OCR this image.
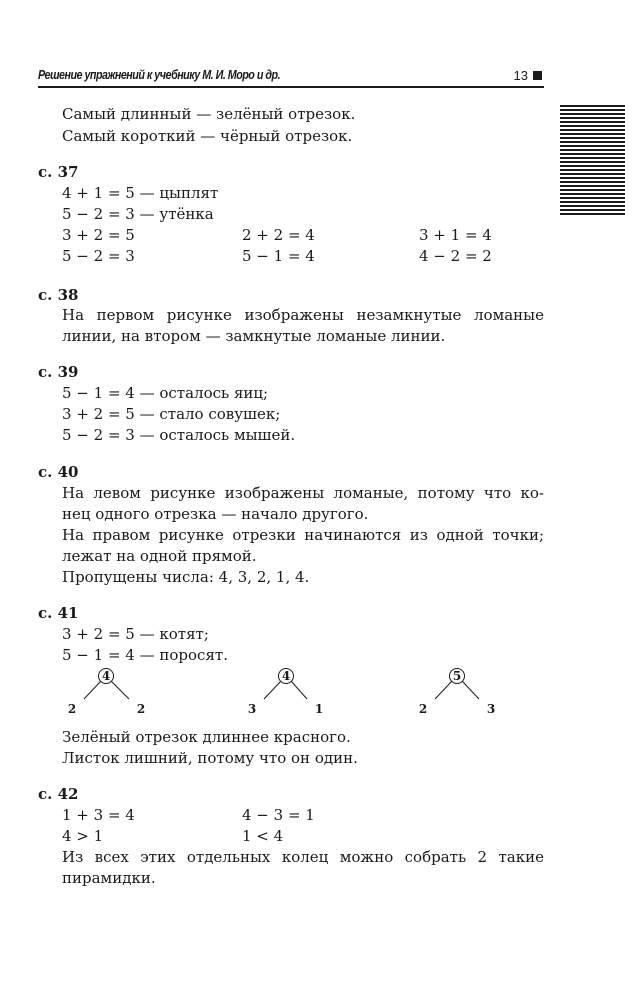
Решение упражнений к учебнику М. И. Моро и др.	13
Самый длинный — зелёный отрезок.
Самый короткий — чёрный отрезок.
с. 37
4 + 1 = 5 — цыплят
5 − 2 = 3 — утёнка
3 + 2 = 5	2 + 2 = 4	3 + 1 = 4
5 − 2 = 3	5 − 1 = 4	4 − 2 = 2
с. 38
На первом рисунке изображены незамкнутые ломаные
линии, на втором — замкнутые ломаные линии.
с. 39
5 − 1 = 4 — осталось яиц;
3 + 2 = 5 — стало совушек;
5 − 2 = 3 — осталось мышей.
с. 40
На левом рисунке изображены ломаные, потому что ко-
нец одного отрезка — начало другого.
На правом рисунке отрезки начинаются из одной точки;
лежат на одной прямой.
Пропущены числа: 4, 3, 2, 1, 4.
с. 41
3 + 2 = 5 — котят;
5 − 1 = 4 — поросят.
4
2	2
4
3	1
5
2	3
Зелёный отрезок длиннее красного.
Листок лишний, потому что он один.
с. 42
1 + 3 = 4	4 − 3 = 1
4 > 1	1 < 4
Из всех этих отдельных колец можно собрать 2 такие
пирамидки.
